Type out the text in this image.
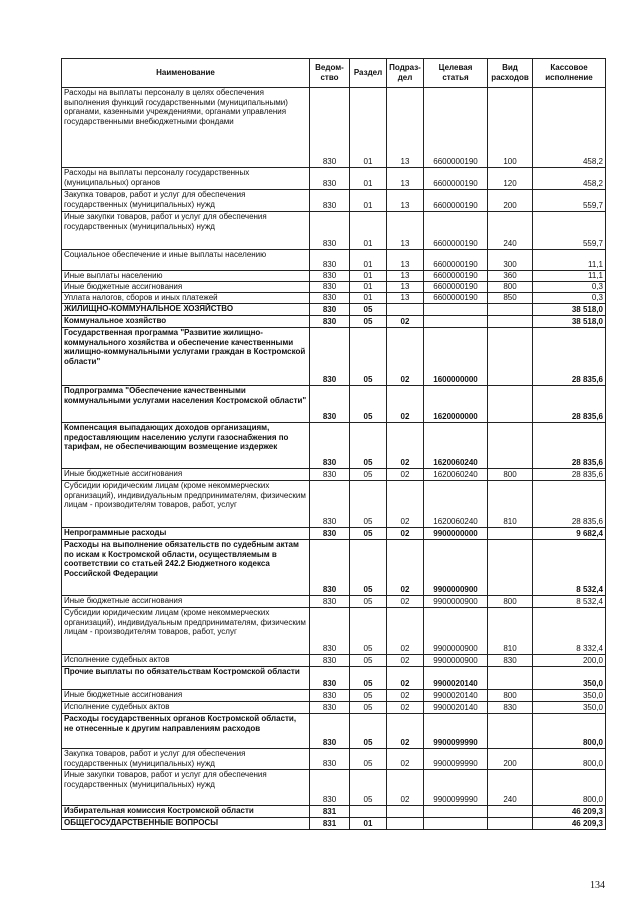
Наименование	Ведом-ство	Раздел	Подраз-дел	Целевая статья	Вид расходов	Кассовое исполнение
Расходы на выплаты персоналу в целях обеспечения выполнения функций государственными (муниципальными) органами, казенными учреждениями, органами управления государственными внебюджетными фондами	830	01	13	6600000190	100	458,2
Расходы на выплаты персоналу государственных (муниципальных) органов	830	01	13	6600000190	120	458,2
Закупка товаров, работ и услуг для обеспечения государственных (муниципальных) нужд	830	01	13	6600000190	200	559,7
Иные закупки товаров, работ и услуг для обеспечения государственных (муниципальных) нужд	830	01	13	6600000190	240	559,7
Социальное обеспечение и иные выплаты населению	830	01	13	6600000190	300	11,1
Иные выплаты населению	830	01	13	6600000190	360	11,1
Иные бюджетные ассигнования	830	01	13	6600000190	800	0,3
Уплата налогов, сборов и иных платежей	830	01	13	6600000190	850	0,3
ЖИЛИЩНО-КОММУНАЛЬНОЕ ХОЗЯЙСТВО	830	05				38 518,0
Коммунальное хозяйство	830	05	02			38 518,0
Государственная программа "Развитие жилищно-коммунального хозяйства и обеспечение качественными жилищно-коммунальными услугами граждан в Костромской области"	830	05	02	1600000000		28 835,6
Подпрограмма "Обеспечение качественными коммунальными услугами населения Костромской области"	830	05	02	1620000000		28 835,6
Компенсация выпадающих доходов организациям, предоставляющим населению услуги газоснабжения по тарифам, не обеспечивающим возмещение издержек	830	05	02	1620060240		28 835,6
Иные бюджетные ассигнования	830	05	02	1620060240	800	28 835,6
Субсидии юридическим лицам (кроме некоммерческих организаций), индивидуальным предпринимателям, физическим лицам - производителям товаров, работ, услуг	830	05	02	1620060240	810	28 835,6
Непрограммные расходы	830	05	02	9900000000		9 682,4
Расходы на выполнение обязательств по судебным актам по искам к Костромской области, осуществляемым в соответствии со статьей 242.2 Бюджетного кодекса Российской Федерации	830	05	02	9900000900		8 532,4
Иные бюджетные ассигнования	830	05	02	9900000900	800	8 532,4
Субсидии юридическим лицам (кроме некоммерческих организаций), индивидуальным предпринимателям, физическим лицам - производителям товаров, работ, услуг	830	05	02	9900000900	810	8 332,4
Исполнение судебных актов	830	05	02	9900000900	830	200,0
Прочие выплаты по обязательствам Костромской области	830	05	02	9900020140		350,0
Иные бюджетные ассигнования	830	05	02	9900020140	800	350,0
Исполнение судебных актов	830	05	02	9900020140	830	350,0
Расходы государственных органов Костромской области, не отнесенные к другим направлениям расходов	830	05	02	9900099990		800,0
Закупка товаров, работ и услуг для обеспечения государственных (муниципальных) нужд	830	05	02	9900099990	200	800,0
Иные закупки товаров, работ и услуг для обеспечения государственных (муниципальных) нужд	830	05	02	9900099990	240	800,0
Избирательная комиссия Костромской области	831					46 209,3
ОБЩЕГОСУДАРСТВЕННЫЕ ВОПРОСЫ	831	01				46 209,3
134
